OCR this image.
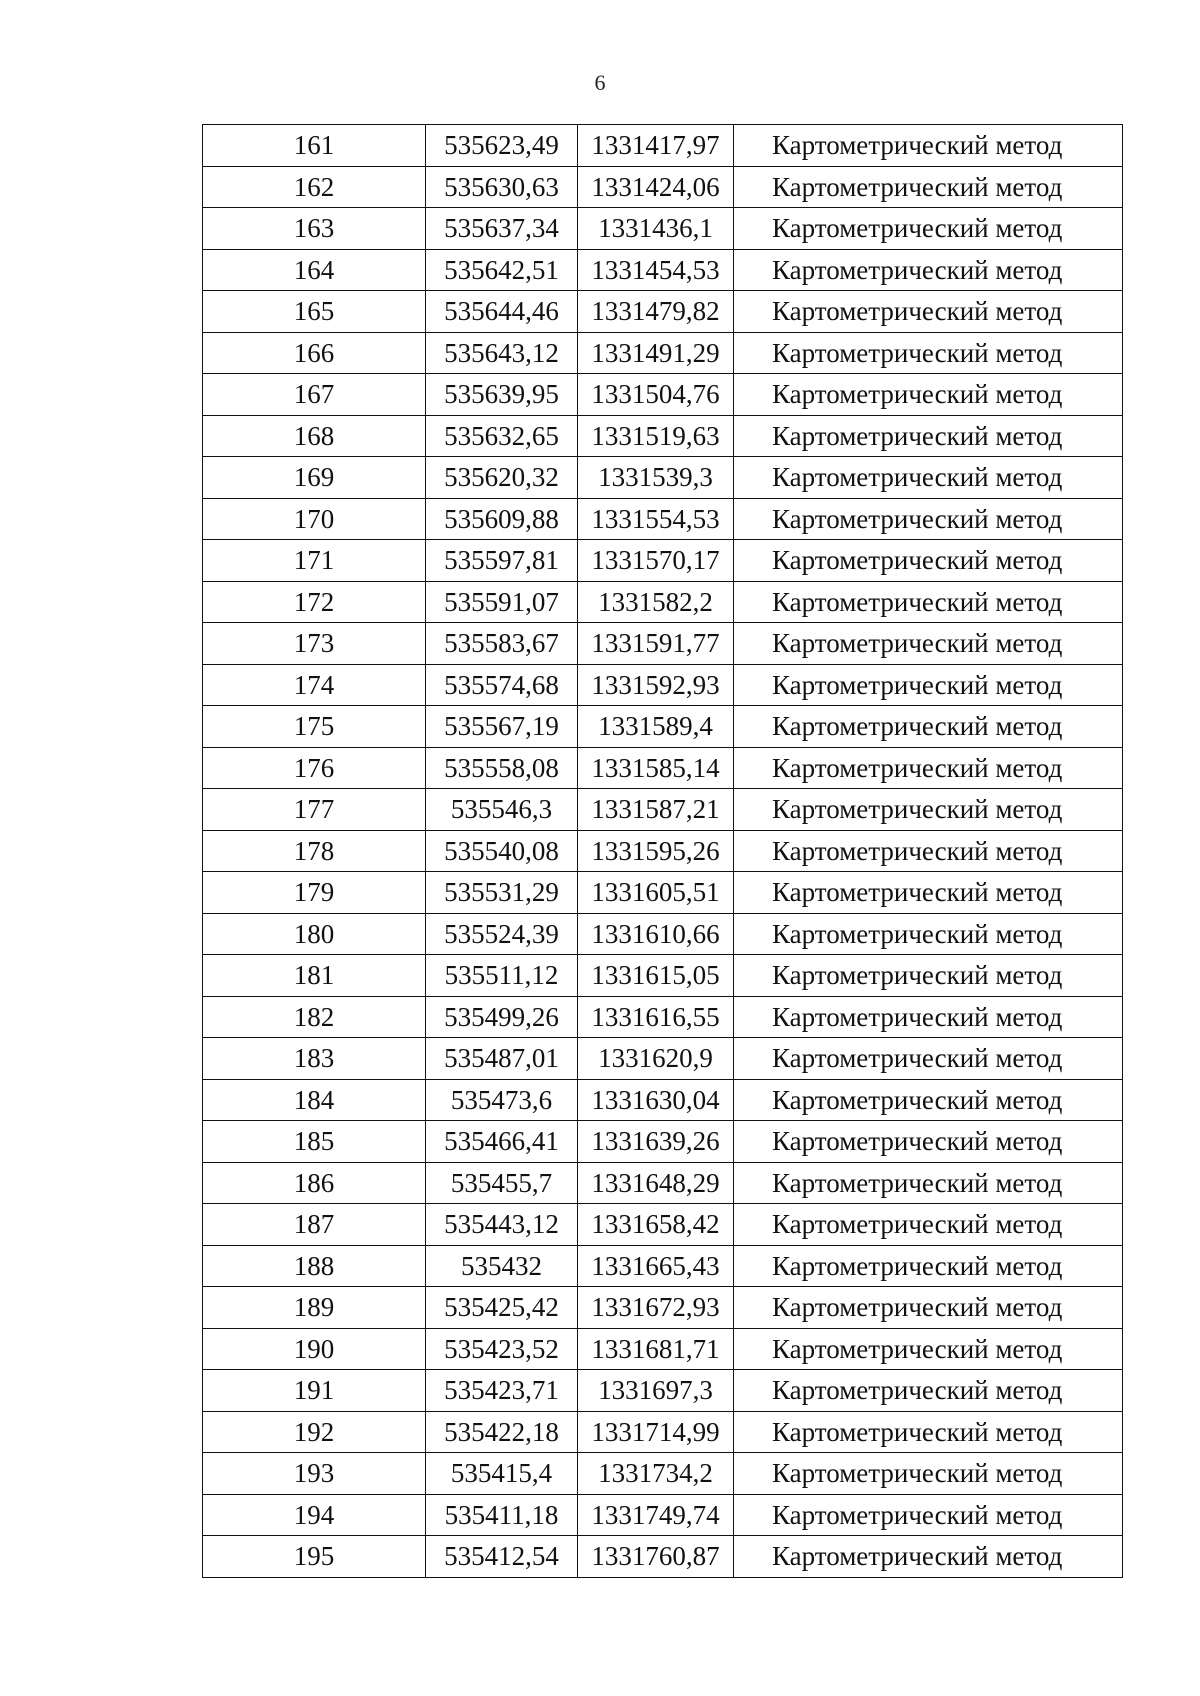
6
161	535623,49	1331417,97	Картометрический метод
162	535630,63	1331424,06	Картометрический метод
163	535637,34	1331436,1	Картометрический метод
164	535642,51	1331454,53	Картометрический метод
165	535644,46	1331479,82	Картометрический метод
166	535643,12	1331491,29	Картометрический метод
167	535639,95	1331504,76	Картометрический метод
168	535632,65	1331519,63	Картометрический метод
169	535620,32	1331539,3	Картометрический метод
170	535609,88	1331554,53	Картометрический метод
171	535597,81	1331570,17	Картометрический метод
172	535591,07	1331582,2	Картометрический метод
173	535583,67	1331591,77	Картометрический метод
174	535574,68	1331592,93	Картометрический метод
175	535567,19	1331589,4	Картометрический метод
176	535558,08	1331585,14	Картометрический метод
177	535546,3	1331587,21	Картометрический метод
178	535540,08	1331595,26	Картометрический метод
179	535531,29	1331605,51	Картометрический метод
180	535524,39	1331610,66	Картометрический метод
181	535511,12	1331615,05	Картометрический метод
182	535499,26	1331616,55	Картометрический метод
183	535487,01	1331620,9	Картометрический метод
184	535473,6	1331630,04	Картометрический метод
185	535466,41	1331639,26	Картометрический метод
186	535455,7	1331648,29	Картометрический метод
187	535443,12	1331658,42	Картометрический метод
188	535432	1331665,43	Картометрический метод
189	535425,42	1331672,93	Картометрический метод
190	535423,52	1331681,71	Картометрический метод
191	535423,71	1331697,3	Картометрический метод
192	535422,18	1331714,99	Картометрический метод
193	535415,4	1331734,2	Картометрический метод
194	535411,18	1331749,74	Картометрический метод
195	535412,54	1331760,87	Картометрический метод
